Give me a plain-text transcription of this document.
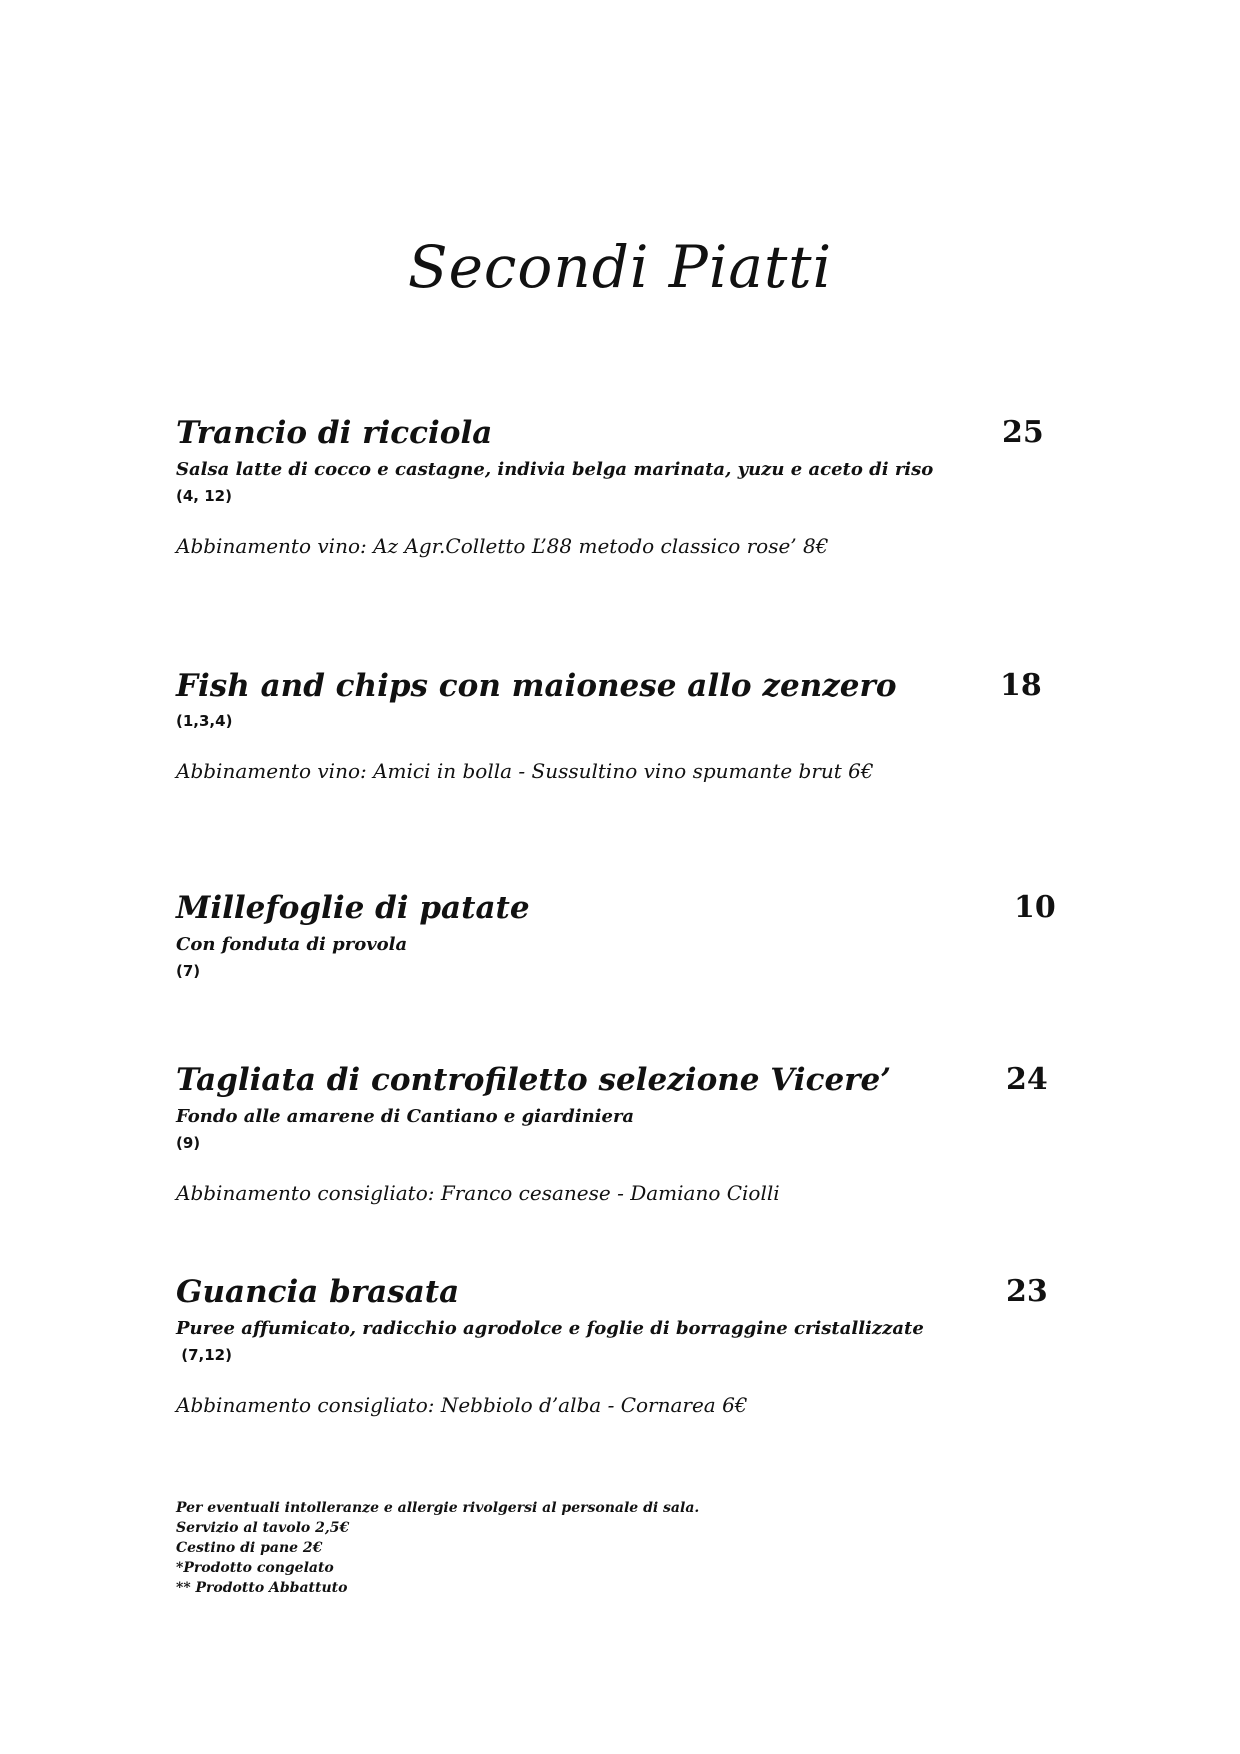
Secondi Piatti
Trancio di ricciola	25
Salsa latte di cocco e castagne, indivia belga marinata, yuzu e aceto di riso
(4, 12)
Abbinamento vino: Az Agr.Colletto L’88 metodo classico rose’ 8€
Fish and chips con maionese allo zenzero	18
(1,3,4)
Abbinamento vino: Amici in bolla - Sussultino vino spumante brut 6€
Millefoglie di patate	10
Con fonduta di provola
(7)
Tagliata di controfiletto selezione Vicere’	24
Fondo alle amarene di Cantiano e giardiniera
(9)
Abbinamento consigliato: Franco cesanese - Damiano Ciolli
Guancia brasata	23
Puree affumicato, radicchio agrodolce e foglie di borraggine cristallizzate
(7,12)
Abbinamento consigliato: Nebbiolo d’alba - Cornarea 6€
Per eventuali intolleranze e allergie rivolgersi al personale di sala.
Servizio al tavolo 2,5€
Cestino di pane 2€
*Prodotto congelato
** Prodotto Abbattuto
